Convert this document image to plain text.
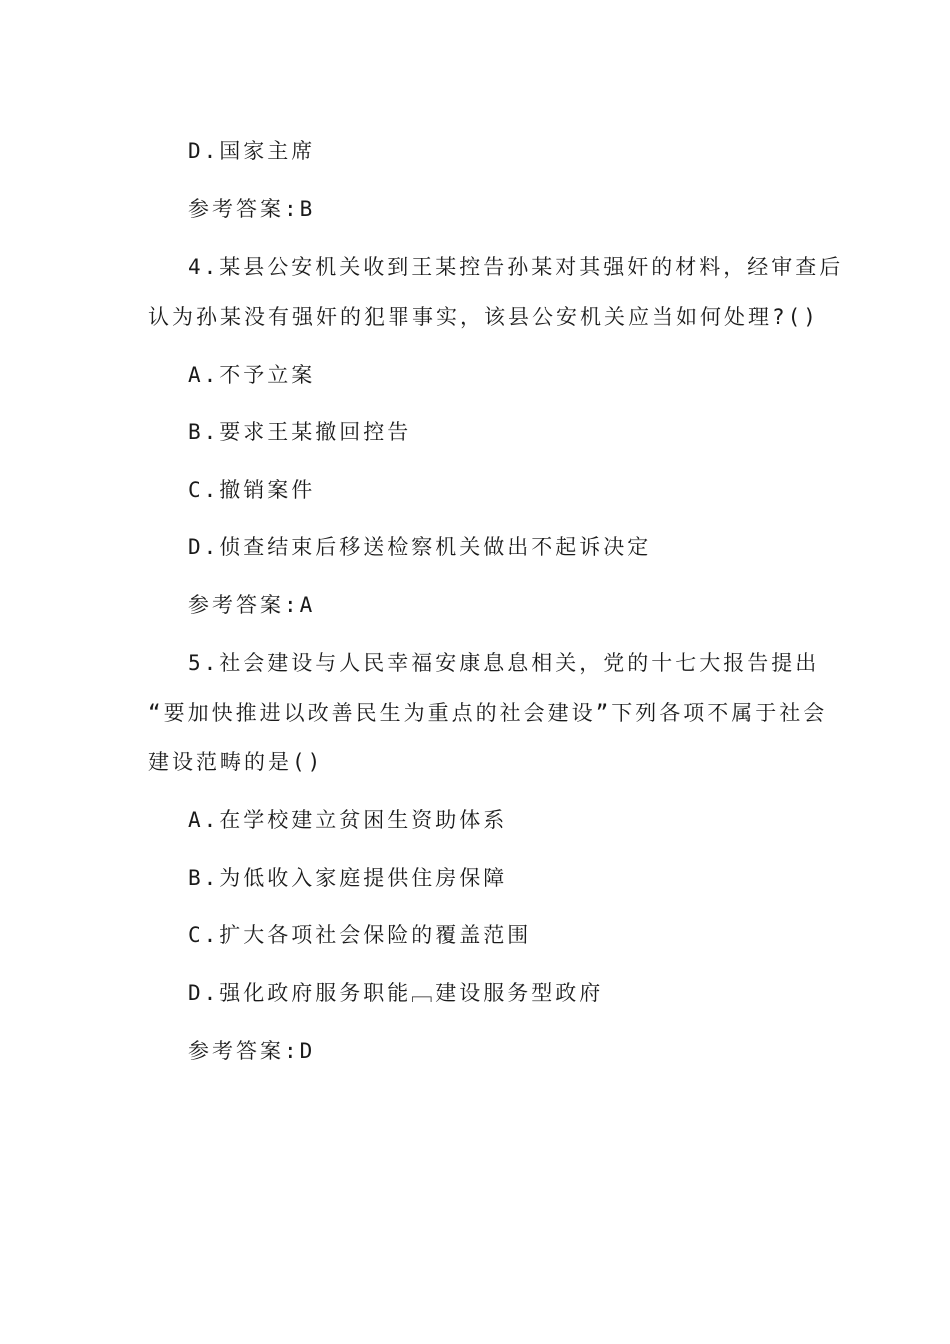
D.国家主席
参考答案:B
4.某县公安机关收到王某控告孙某对其强奸的材料，经审查后
认为孙某没有强奸的犯罪事实，该县公安机关应当如何处理?()
A.不予立案
B.要求王某撤回控告
C.撤销案件
D.侦查结束后移送检察机关做出不起诉决定
参考答案:A
5.社会建设与人民幸福安康息息相关，党的十七大报告提出
“要加快推进以改善民生为重点的社会建设”下列各项不属于社会
建设范畴的是()
A.在学校建立贫困生资助体系
B.为低收入家庭提供住房保障
C.扩大各项社会保险的覆盖范围
D.强化政府服务职能﹇建设服务型政府
参考答案:D
